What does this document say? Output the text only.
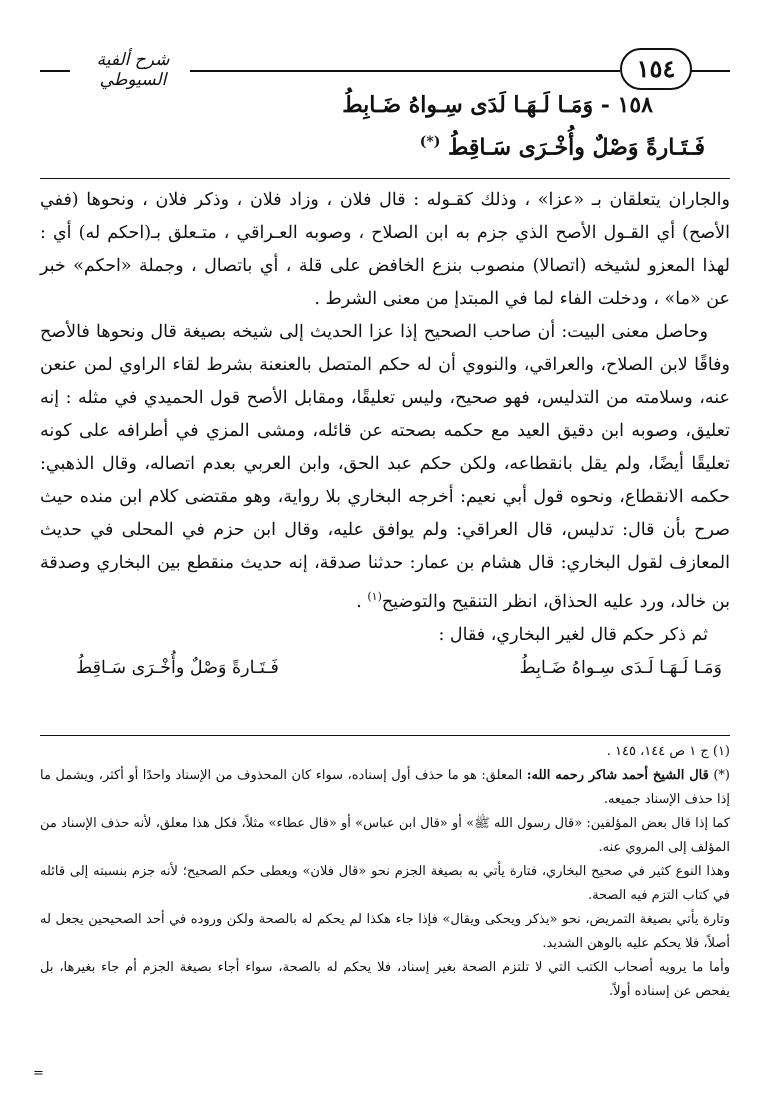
شرح ألفية السيوطي	١٥٤
١٥٨ - وَمَـا لَـهَـا لَدَى سِـواهُ ضَـابِطُ
فَـتَـارةً وَصْلٌ وأُخْـرَى سَـاقِطُ (*)

والجاران يتعلقان بـ «عزا» ، وذلك كقـوله : قال فلان ، وزاد فلان ، وذكر فلان ، ونحوها (ففي الأصح) أي القـول الأصح الذي جزم به ابن الصلاح ، وصوبه العـراقي ، متـعلق بـ(احكم له) أي : لهذا المعزو لشيخه (اتصالا) منصوب بنزع الخافض على قلة ، أي باتصال ، وجملة «احكم» خبر عن «ما» ، ودخلت الفاء لما في المبتدإ من معنى الشرط .

وحاصل معنى البيت: أن صاحب الصحيح إذا عزا الحديث إلى شيخه بصيغة قال ونحوها فالأصح وفاقًا لابن الصلاح، والعراقي، والنووي أن له حكم المتصل بالعنعنة بشرط لقاء الراوي لمن عنعن عنه، وسلامته من التدليس، فهو صحيح، وليس تعليقًا، ومقابل الأصح قول الحميدي في مثله : إنه تعليق، وصوبه ابن دقيق العيد مع حكمه بصحته عن قائله، ومشى المزي في أطرافه على كونه تعليقًا أيضًا، ولم يقل بانقطاعه، ولكن حكم عبد الحق، وابن العربي بعدم اتصاله، وقال الذهبي: حكمه الانقطاع، ونحوه قول أبي نعيم: أخرجه البخاري بلا رواية، وهو مقتضى كلام ابن منده حيث صرح بأن قال: تدليس، قال العراقي: ولم يوافق عليه، وقال ابن حزم في المحلى في حديث المعازف لقول البخاري: قال هشام بن عمار: حدثنا صدقة، إنه حديث منقطع بين البخاري وصدقة بن خالد، ورد عليه الحذاق، انظر التنقيح والتوضيح$^{(١)}$ .

ثم ذكر حكم قال لغير البخاري، فقال :

وَمَـا لَـهَـا لَـدَى سِـواهُ ضَـابِطُ
فَـتَـارةً وَصْلٌ وأُخْـرَى سَـاقِطُ

(١) ج ١ ص ١٤٤، ١٤٥ .

(*) قال الشيخ أحمد شاكر رحمه الله: المعلق: هو ما حذف أول إسناده، سواء كان المحذوف من الإسناد واحدًا أو أكثر، ويشمل ما إذا حذف الإسناد جميعه.

كما إذا قال بعض المؤلفين: «قال رسول الله ﷺ» أو «قال ابن عباس» أو «قال عطاء» مثلاً، فكل هذا معلق، لأنه حذف الإسناد من المؤلف إلى المروي عنه.

وهذا النوع كثير في صحيح البخاري، فتارة يأتي به بصيغة الجزم نحو «قال فلان» ويعطى حكم الصحيح؛ لأنه جزم بنسبته إلى قائله في كتاب التزم فيه الصحة.

وتارة يأتي بصيغة التمريض، نحو «يذكر ويحكى ويقال» فإذا جاء هكذا لم يحكم له بالصحة ولكن وروده في أحد الصحيحين يجعل له أصلاً، فلا يحكم عليه بالوهن الشديد.

وأما ما يرويه أصحاب الكتب التي لا تلتزم الصحة بغير إسناد، فلا يحكم له بالصحة، سواء أجاء بصيغة الجزم أم جاء بغيرها، بل يفحص عن إسناده أولاً.

=
